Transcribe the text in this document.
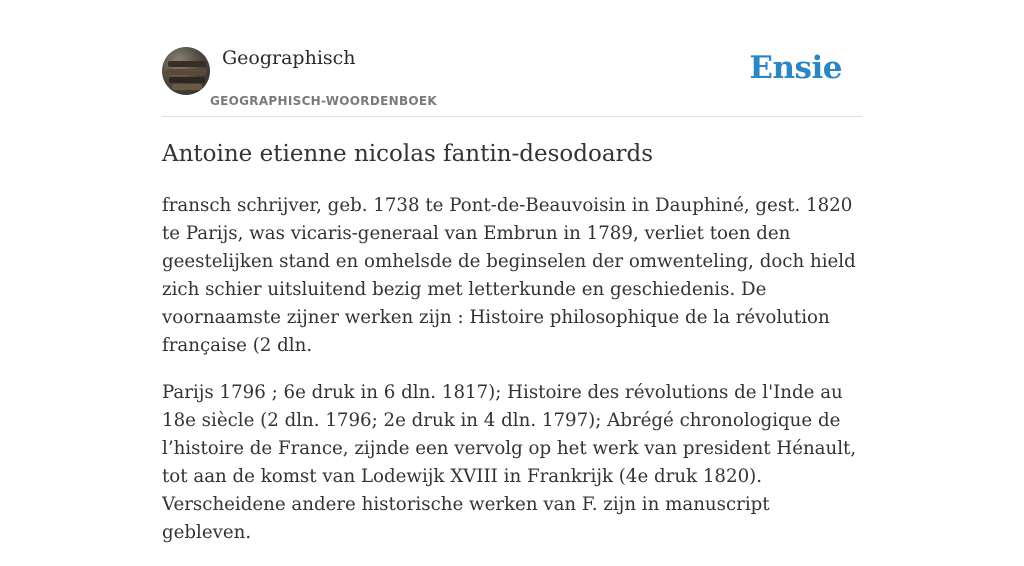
Geographisch
GEOGRAPHISCH-WOORDENBOEK
Ensie
Antoine etienne nicolas fantin-desodoards

fransch schrijver, geb. 1738 te Pont-de-Beauvoisin in Dauphiné, gest. 1820 te Parijs, was vicaris-generaal van Embrun in 1789, verliet toen den geestelijken stand en omhelsde de beginselen der omwenteling, doch hield zich schier uitsluitend bezig met letterkunde en geschiedenis. De voornaamste zijner werken zijn : Histoire philosophique de la révolution française (2 dln.

Parijs 1796 ; 6e druk in 6 dln. 1817); Histoire des révolutions de l'Inde au 18e siècle (2 dln. 1796; 2e druk in 4 dln. 1797); Abrégé chronologique de l’histoire de France, zijnde een vervolg op het werk van president Hénault, tot aan de komst van Lodewijk XVIII in Frankrijk (4e druk 1820). Verscheidene andere historische werken van F. zijn in manuscript gebleven.
